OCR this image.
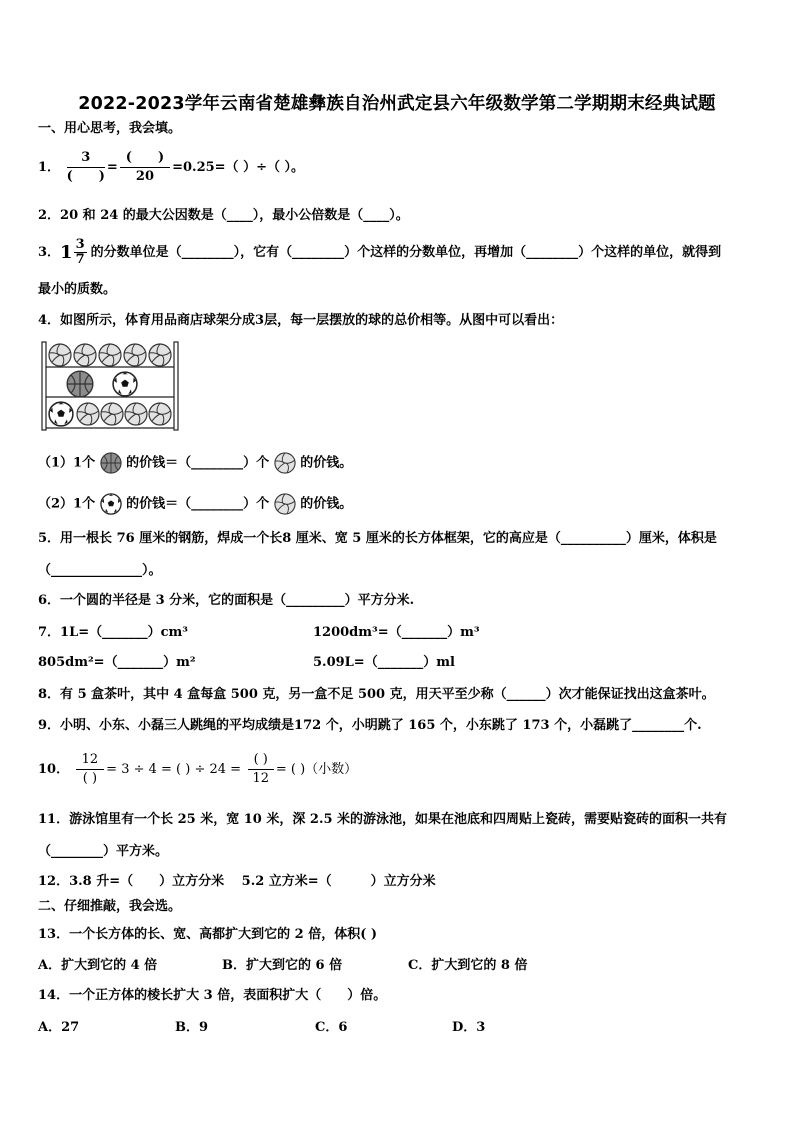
2022-2023学年云南省楚雄彝族自治州武定县六年级数学第二学期期末经典试题
一、用心思考，我会填。
1． $\frac{3}{( )} = \frac{( )}{20} =0.25=$（ ）÷（ ）。
2．20 和 24 的最大公因数是（____），最小公倍数是（____）。
3．$1 \frac{3}{7}$ 的分数单位是（________），它有（________）个这样的分数单位，再增加（________）个这样的单位，就得到
最小的质数。
4．如图所示，体育用品商店球架分成3层，每一层摆放的球的总价相等。从图中可以看出：
（1）1个 的价钱＝（________）个 的价钱。
（2）1个 的价钱＝（________）个 的价钱。
5．用一根长 76 厘米的钢筋，焊成一个长8 厘米、宽 5 厘米的长方体框架，它的高应是（__________）厘米，体积是
（______________）。
6．一个圆的半径是 3 分米，它的面积是（_________）平方分米.
7．1L=（_______）cm³	1200dm³=（_______）m³
805dm²=（_______）m²	5.09L=（_______）ml
8．有 5 盒茶叶，其中 4 盒每盒 500 克，另一盒不足 500 克，用天平至少称（______）次才能保证找出这盒茶叶。
9．小明、小东、小磊三人跳绳的平均成绩是172 个，小明跳了 165 个，小东跳了 173 个，小磊跳了________个.
10． $\frac{12}{( )} = 3 \div 4$ = ( ) ÷ $24 = \frac{( )}{12}$ = ( )（小数）
11．游泳馆里有一个长 25 米，宽 10 米，深 2.5 米的游泳池，如果在池底和四周贴上瓷砖，需要贴瓷砖的面积一共有
（________）平方米。
12．3.8 升=（　　）立方分米　 5.2 立方米=（　　　）立方分米
二、仔细推敲，我会选。
13．一个长方体的长、宽、高都扩大到它的 2 倍，体积( )
A．扩大到它的 4 倍	B．扩大到它的 6 倍	C．扩大到它的 8 倍
14．一个正方体的棱长扩大 3 倍，表面积扩大（　　）倍。
A．27	B．9	C．6	D．3
